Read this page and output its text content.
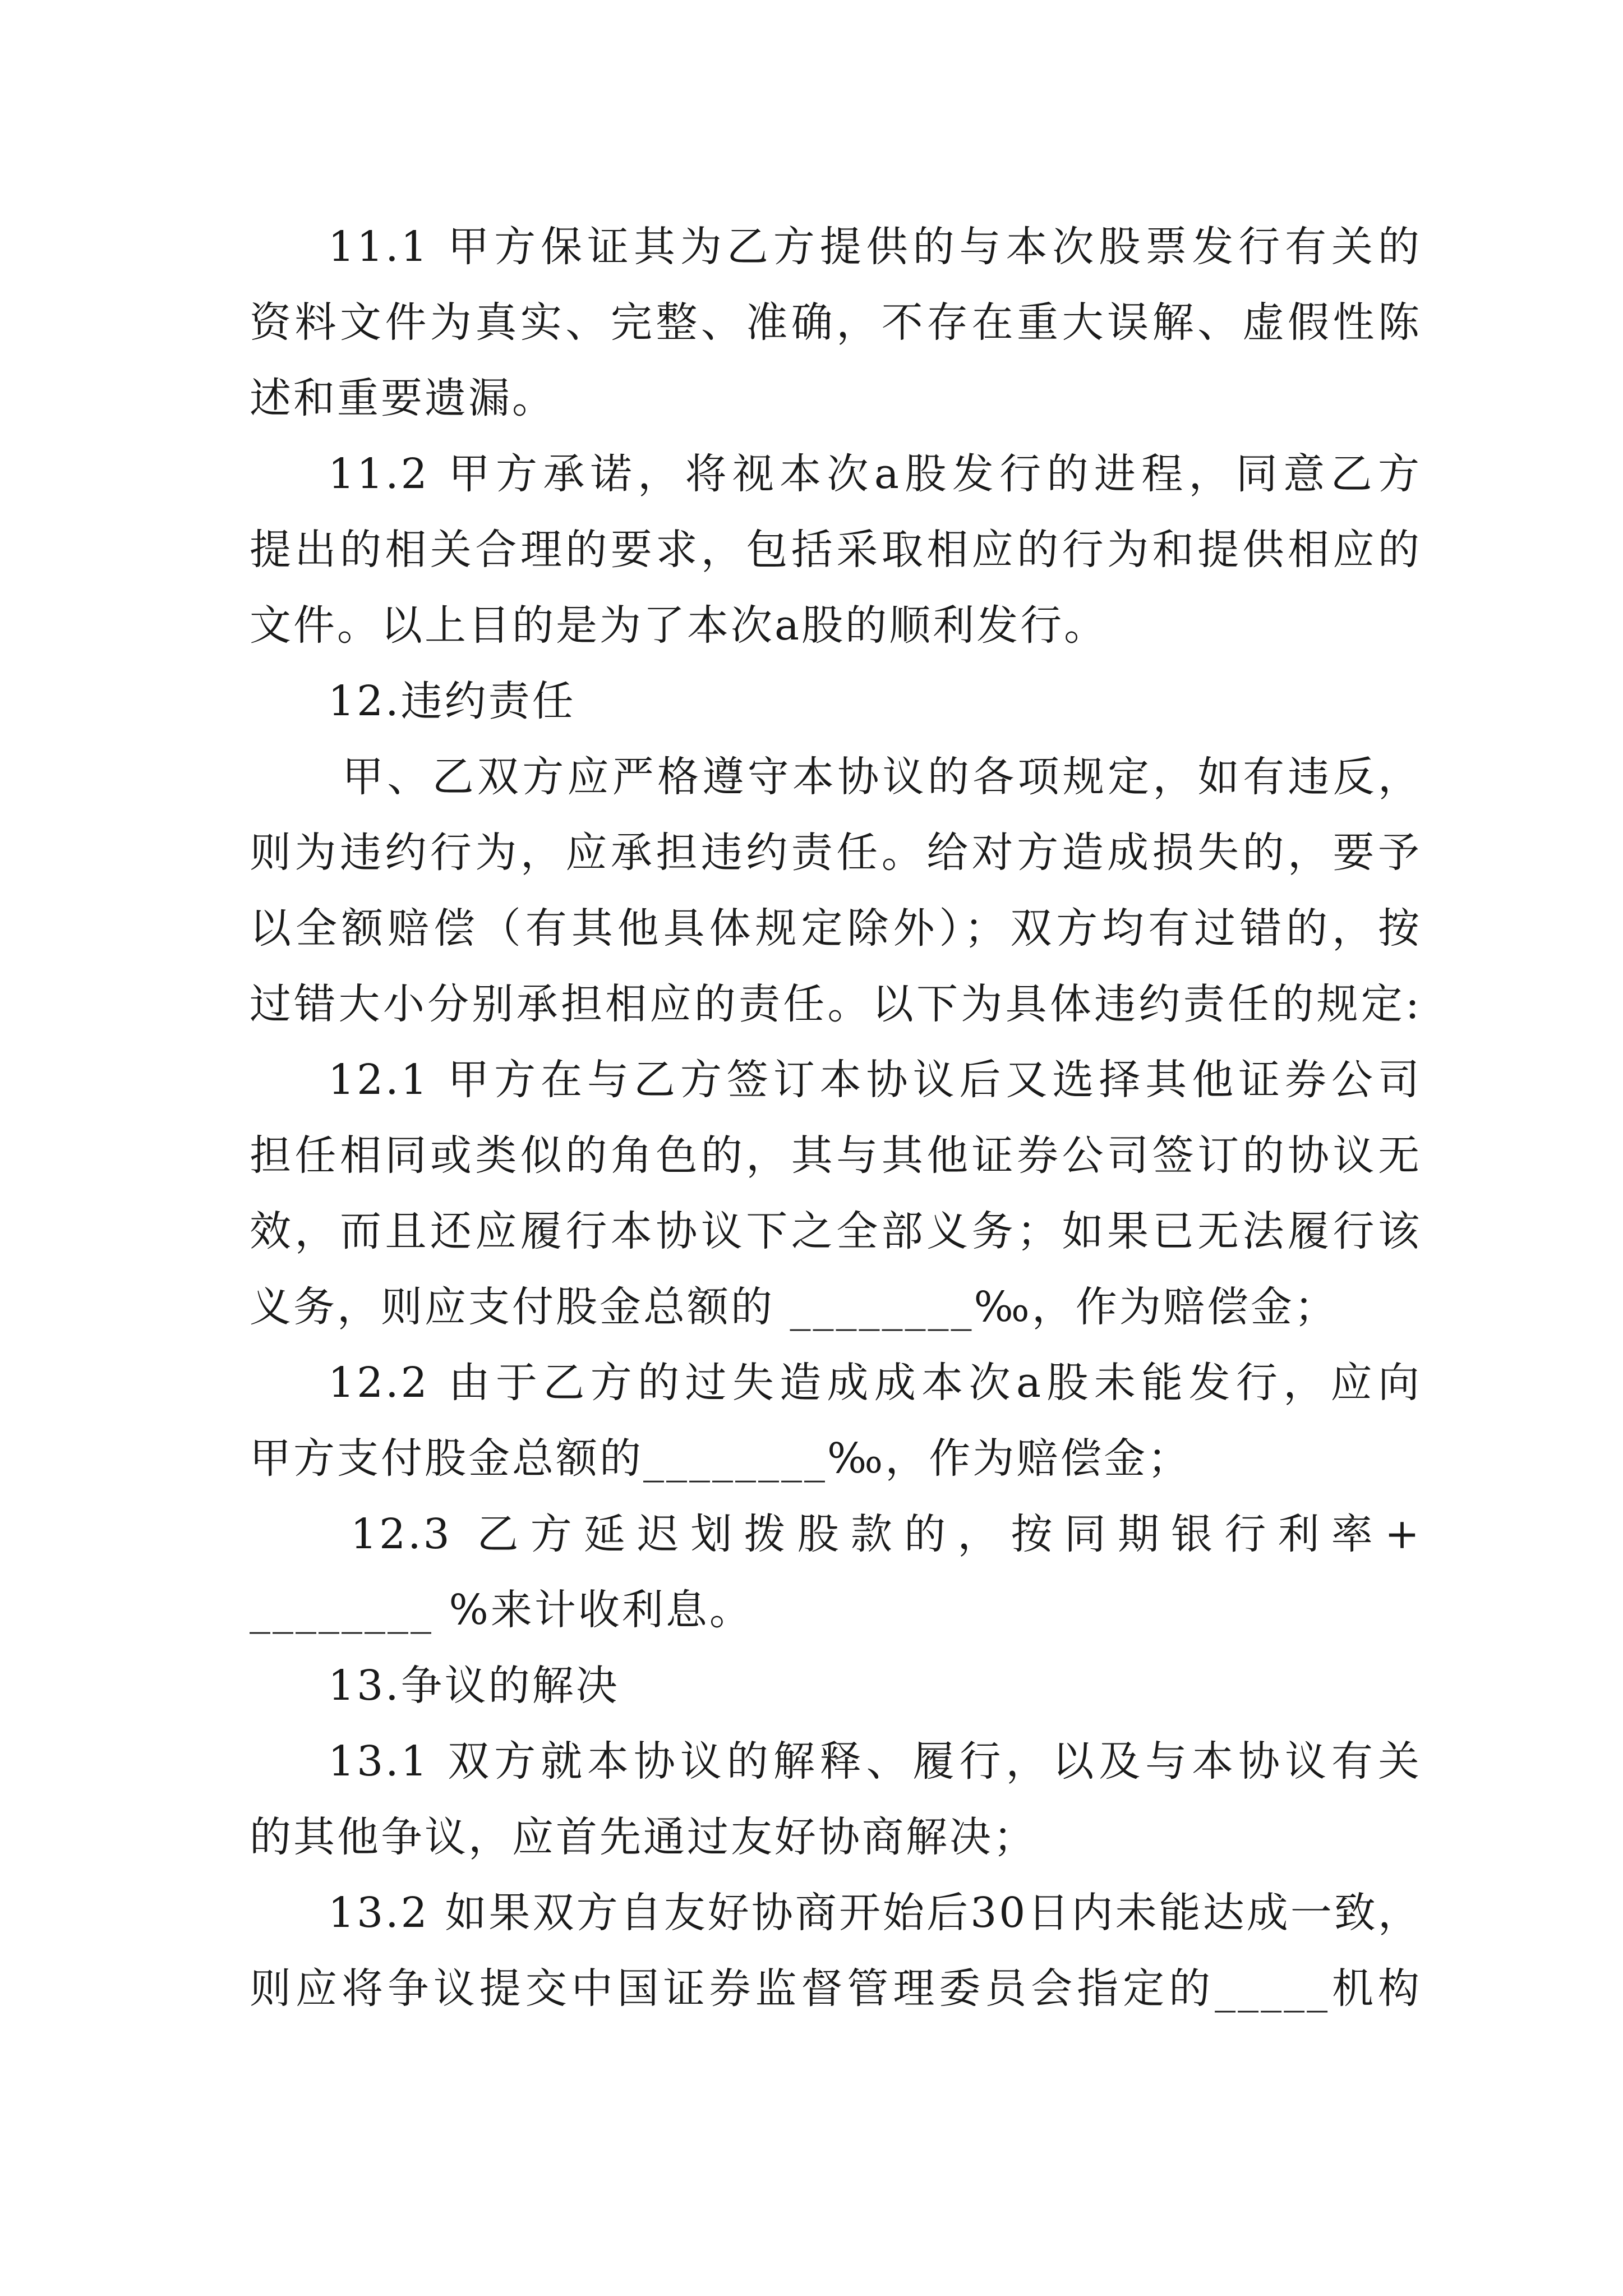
11.1 甲方保证其为乙方提供的与本次股票发行有关的
资料文件为真实、完整、准确，不存在重大误解、虚假性陈
述和重要遗漏。
11.2 甲方承诺，将视本次a股发行的进程，同意乙方
提出的相关合理的要求，包括采取相应的行为和提供相应的
文件。以上目的是为了本次a股的顺利发行。
12.违约责任
甲、乙双方应严格遵守本协议的各项规定，如有违反，
则为违约行为，应承担违约责任。给对方造成损失的，要予
以全额赔偿（有其他具体规定除外）；双方均有过错的，按
过错大小分别承担相应的责任。以下为具体违约责任的规定:
12.1 甲方在与乙方签订本协议后又选择其他证券公司
担任相同或类似的角色的，其与其他证券公司签订的协议无
效，而且还应履行本协议下之全部义务；如果已无法履行该
义务，则应支付股金总额的 ________‰，作为赔偿金；
12.2 由于乙方的过失造成成本次a股未能发行，应向
甲方支付股金总额的________‰，作为赔偿金；
12.3 乙方延迟划拨股款的，按同期银行利率+
________ %来计收利息。
13.争议的解决
13.1 双方就本协议的解释、履行，以及与本协议有关
的其他争议，应首先通过友好协商解决；
13.2 如果双方自友好协商开始后30日内未能达成一致，
则应将争议提交中国证券监督管理委员会指定的_____机构
